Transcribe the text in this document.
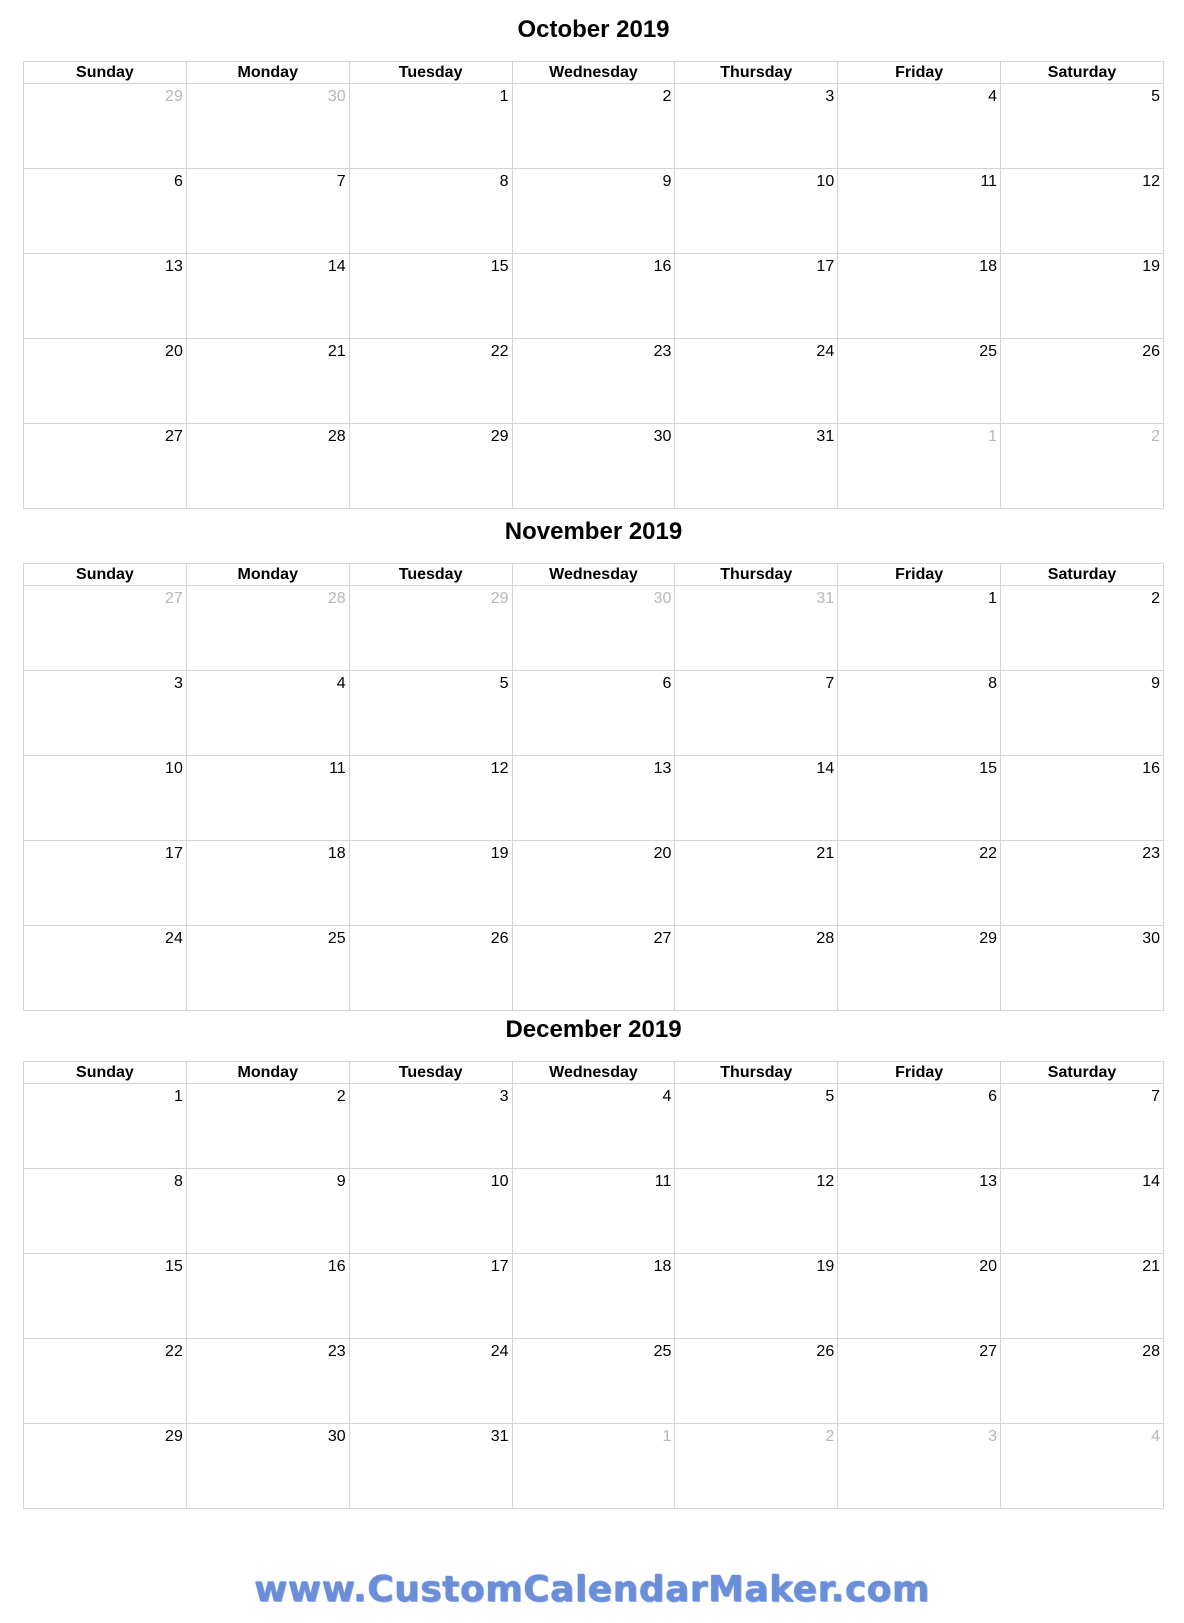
October 2019
Sunday	Monday	Tuesday	Wednesday	Thursday	Friday	Saturday

29	30	1	2	3	4	5

6	7	8	9	10	11	12

13	14	15	16	17	18	19

20	21	22	23	24	25	26

27	28	29	30	31	1	2
November 2019
Sunday	Monday	Tuesday	Wednesday	Thursday	Friday	Saturday

27	28	29	30	31	1	2

3	4	5	6	7	8	9

10	11	12	13	14	15	16

17	18	19	20	21	22	23

24	25	26	27	28	29	30
December 2019
Sunday	Monday	Tuesday	Wednesday	Thursday	Friday	Saturday

1	2	3	4	5	6	7

8	9	10	11	12	13	14

15	16	17	18	19	20	21

22	23	24	25	26	27	28

29	30	31	1	2	3	4
www.CustomCalendarMaker.com
